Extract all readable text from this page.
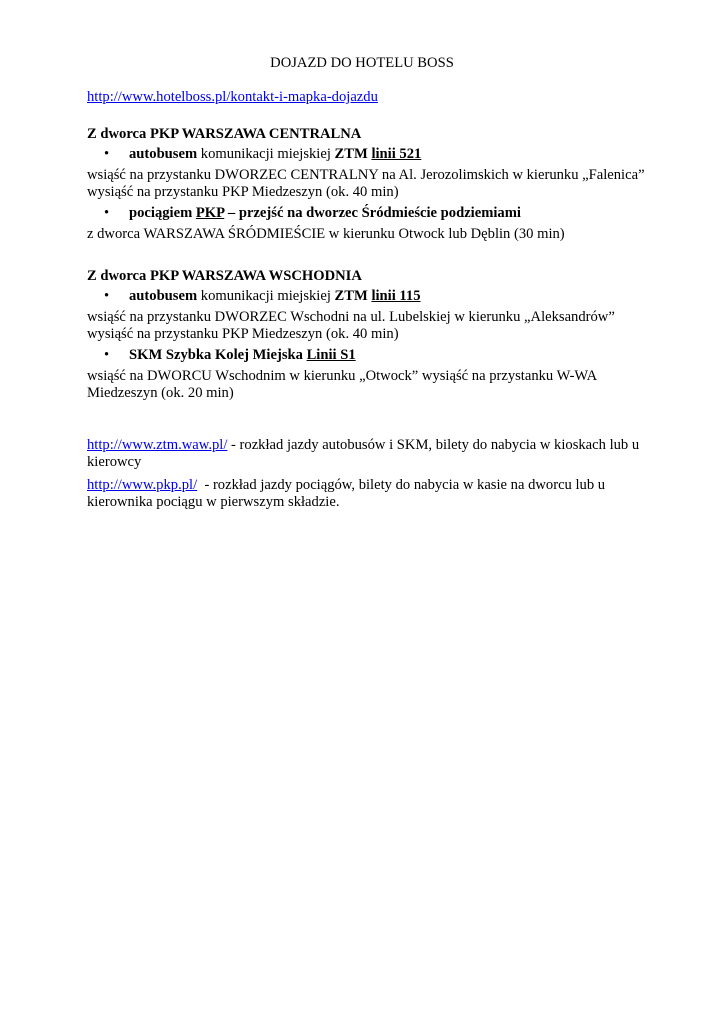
DOJAZD DO HOTELU BOSS
http://www.hotelboss.pl/kontakt-i-mapka-dojazdu
Z dworca PKP WARSZAWA CENTRALNA
• autobusem komunikacji miejskiej ZTM linii 521
wsiąść na przystanku DWORZEC CENTRALNY na Al. Jerozolimskich w kierunku „Falenica” wysiąść na przystanku PKP Miedzeszyn (ok. 40 min)
• pociągiem PKP – przejść na dworzec Śródmieście podziemiami
z dworca WARSZAWA ŚRÓDMIEŚCIE w kierunku Otwock lub Dęblin (30 min)
Z dworca PKP WARSZAWA WSCHODNIA
• autobusem komunikacji miejskiej ZTM linii 115
wsiąść na przystanku DWORZEC Wschodni na ul. Lubelskiej w kierunku „Aleksandrów” wysiąść na przystanku PKP Miedzeszyn (ok. 40 min)
• SKM Szybka Kolej Miejska Linii S1
wsiąść na DWORCU Wschodnim w kierunku „Otwock” wysiąść na przystanku W-WA Miedzeszyn (ok. 20 min)
http://www.ztm.waw.pl/ - rozkład jazdy autobusów i SKM, bilety do nabycia w kioskach lub u kierowcy
http://www.pkp.pl/  - rozkład jazdy pociągów, bilety do nabycia w kasie na dworcu lub u kierownika pociągu w pierwszym składzie.
